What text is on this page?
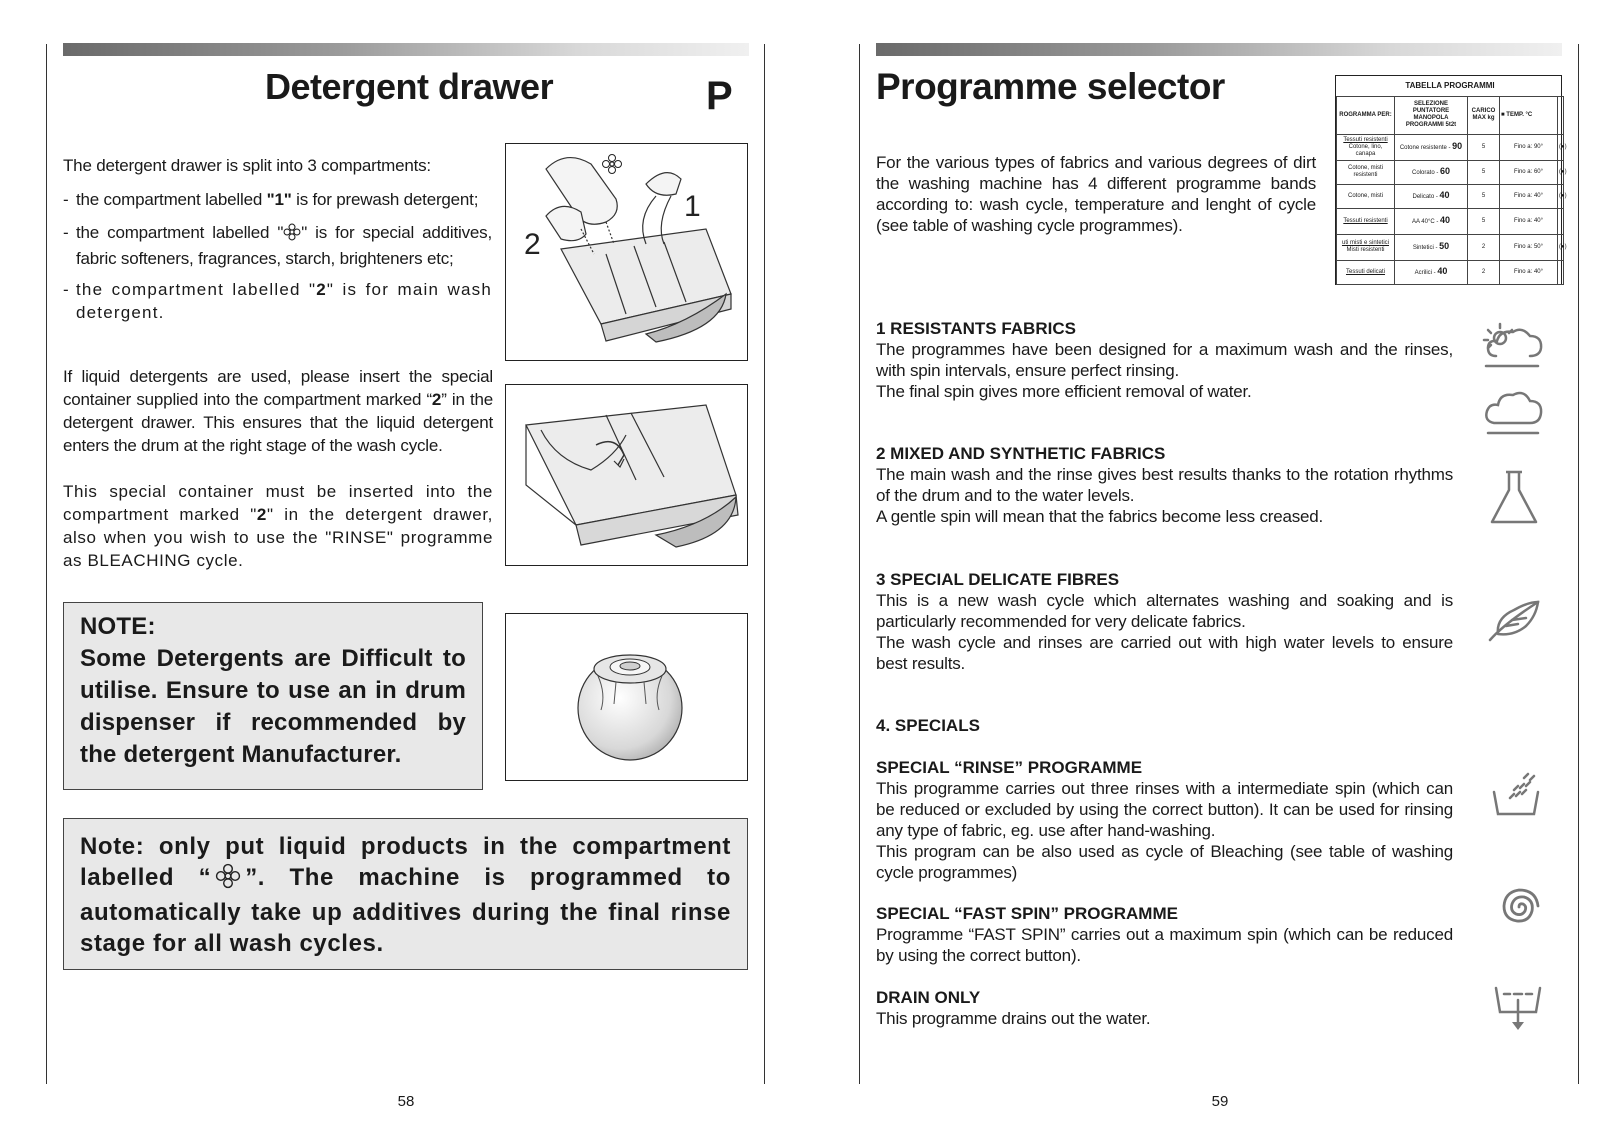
Detergent drawer	P
The detergent drawer is split into 3 compartments:
- the compartment labelled "1" is for prewash detergent;
- the compartment labelled " " is for special additives, fabric softeners, fragrances, starch, brighteners etc;
- the compartment labelled "2" is for main wash detergent.
If liquid detergents are used, please insert the special container supplied into the compartment marked “2” in the detergent drawer. This ensures that the liquid detergent enters the drum at the right stage of the wash cycle.
This special container must be inserted into the compartment marked "2" in the detergent drawer, also when you wish to use the "RINSE" programme as BLEACHING cycle.
2
1

NOTE:

Some Detergents are Difficult to utilise. Ensure to use an in drum dispenser if recommended by the detergent Manufacturer.

Note: only put liquid products in the compartment labelled “ ”. The machine is programmed to automatically take up additives during the final rinse stage for all wash cycles.

58
Programme selector
For the various types of fabrics and various degrees of dirt the washing machine has 4 different programme bands according to: wash cycle, temperature and lenght of cycle (see table of washing cycle programmes).
TABELLA PROGRAMMI				
ROGRAMMA PER:	SELEZIONE PUNTATORE MANOPOLA PROGRAMMI 5t2t	CARICO MAX kg	■ TEMP. °C	
Tessuti resistenti
Cotone, lino, canapa	Cotone resistente - 90	5	Fino a: 90°	(●)
Cotone, misti resistenti	Colorato - 60	5	Fino a: 60°	(●)
Cotone, misti	Delicato - 40	5	Fino a: 40°	(●)
Tessuti resistenti	AA 40°C - 40	5	Fino a: 40°	
uti misti e sintetici
Misti resistenti	Sintetici - 50	2	Fino a: 50°	(●)
Tessuti delicati	Acrilici - 40	2	Fino a: 40°	
1 RESISTANTS FABRICS
The programmes have been designed for a maximum wash and the rinses, with spin intervals, ensure perfect rinsing.
The final spin gives more efficient removal of water.
2 MIXED AND SYNTHETIC FABRICS
The main wash and the rinse gives best results thanks to the rotation rhythms of the drum and to the water levels.
A gentle spin will mean that the fabrics become less creased.
3 SPECIAL DELICATE FIBRES
This is a new wash cycle which alternates washing and soaking and is particularly recommended for very delicate fabrics.
The wash cycle and rinses are carried out with high water levels to ensure best results.
4. SPECIALS
SPECIAL “RINSE” PROGRAMME
This programme carries out three rinses with a intermediate spin (which can be reduced or excluded by using the correct button). It can be used for rinsing any type of fabric, eg. use after hand-washing.
This program can be also used as cycle of Bleaching (see table of washing cycle programmes)
SPECIAL “FAST SPIN” PROGRAMME
Programme “FAST SPIN” carries out a maximum spin (which can be reduced by using the correct button).
DRAIN ONLY
This programme drains out the water.
59
